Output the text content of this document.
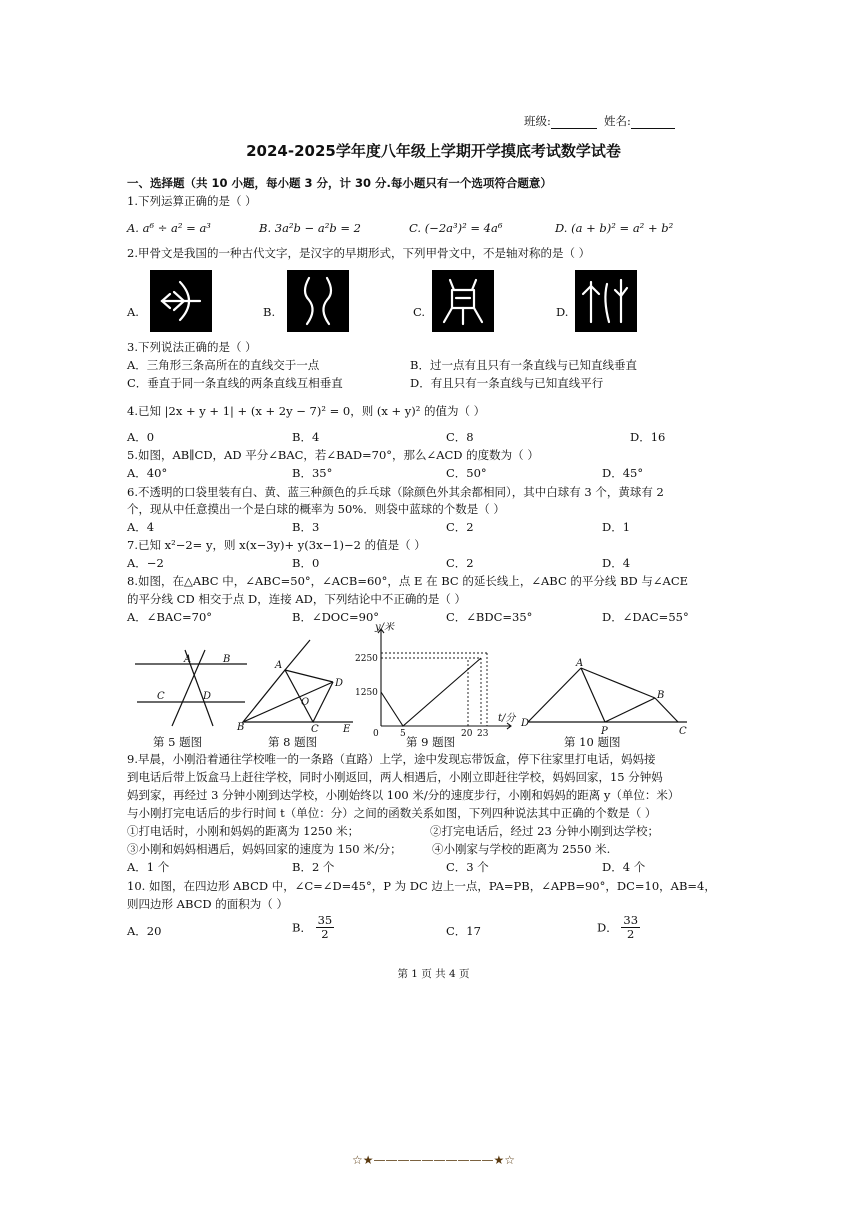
班级:	姓名:
2024-2025学年度八年级上学期开学摸底考试数学试卷
一、选择题（共 10 小题，每小题 3 分，计 30 分.每小题只有一个选项符合题意）
1.下列运算正确的是（ ）
A. a⁶ ÷ a² = a³	B. 3a²b − a²b = 2	C. (−2a³)² = 4a⁶	D. (a + b)² = a² + b²
2.甲骨文是我国的一种古代文字，是汉字的早期形式，下列甲骨文中，不是轴对称的是（ ）
A.	B.	C.	D.
3.下列说法正确的是（ ）
A．三角形三条高所在的直线交于一点	B．过一点有且只有一条直线与已知直线垂直
C．垂直于同一条直线的两条直线互相垂直	D．有且只有一条直线与已知直线平行
4.已知 |2x + y + 1| + (x + 2y − 7)² = 0，则 (x + y)² 的值为（ ）
A．0	B．4	C．8	D．16
5.如图，AB∥CD，AD 平分∠BAC，若∠BAD=70°，那么∠ACD 的度数为（ ）
A．40°	B．35°	C．50°	D．45°
6.不透明的口袋里装有白、黄、蓝三种颜色的乒乓球（除颜色外其余都相同），其中白球有 3 个，黄球有 2
个，现从中任意摸出一个是白球的概率为 50%．则袋中蓝球的个数是（ ）
A．4	B．3	C．2	D．1
7.已知 x²−2= y，则 x(x−3y)+ y(3x−1)−2 的值是（ ）
A．−2	B．0	C．2	D．4
8.如图，在△ABC 中，∠ABC=50°，∠ACB=60°，点 E 在 BC 的延长线上，∠ABC 的平分线 BD 与∠ACE
的平分线 CD 相交于点 D，连接 AD，下列结论中不正确的是（ ）
A．∠BAC=70°	B．∠DOC=90°	C．∠BDC=35°	D．∠DAC=55°
A	B
C	D
A
B	C
D
O
E
A
B
C
D
P
y/米
t/分
2250
1250
0 5	20 23
第 5 题图	第 8 题图	第 9 题图	第 10 题图
9.早晨，小刚沿着通往学校唯一的一条路（直路）上学，途中发现忘带饭盒，停下往家里打电话，妈妈接
到电话后带上饭盒马上赶往学校，同时小刚返回，两人相遇后，小刚立即赶往学校，妈妈回家，15 分钟妈
妈到家，再经过 3 分钟小刚到达学校，小刚始终以 100 米/分的速度步行，小刚和妈妈的距离 y（单位：米）
与小刚打完电话后的步行时间 t（单位：分）之间的函数关系如图，下列四种说法其中正确的个数是（ ）
①打电话时，小刚和妈妈的距离为 1250 米；	②打完电话后，经过 23 分钟小刚到达学校；
③小刚和妈妈相遇后，妈妈回家的速度为 150 米/分；	④小刚家与学校的距离为 2550 米.
A．1 个	B．2 个	C．3 个	D．4 个
10. 如图，在四边形 ABCD 中，∠C=∠D=45°，P 为 DC 边上一点，PA=PB，∠APB=90°，DC=10，AB=4，
则四边形 ABCD 的面积为（ ）
A．20	B． $\frac{35}{2}$	C．17	D． $\frac{33}{2}$
第 1 页 共 4 页
☆★——————————★☆
